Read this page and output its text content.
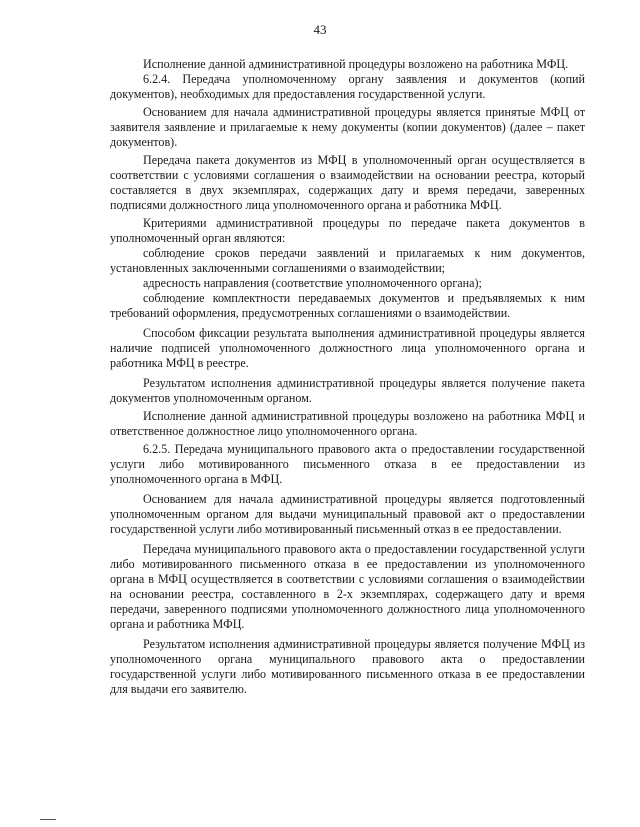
43

Исполнение данной административной процедуры возложено на работника МФЦ.

6.2.4. Передача уполномоченному органу заявления и документов (копий документов), необходимых для предоставления государственной услуги.

Основанием для начала административной процедуры является принятые МФЦ от заявителя заявление и прилагаемые к нему документы (копии документов) (далее – пакет документов).

Передача пакета документов из МФЦ в уполномоченный орган осуществляется в соответствии с условиями соглашения о взаимодействии на основании реестра, который составляется в двух экземплярах, содержащих дату и время передачи, заверенных подписями должностного лица уполномоченного органа и работника МФЦ.

Критериями административной процедуры по передаче пакета документов в уполномоченный орган являются:

соблюдение сроков передачи заявлений и прилагаемых к ним документов, установленных заключенными соглашениями о взаимодействии;

адресность направления (соответствие уполномоченного органа);

соблюдение комплектности передаваемых документов и предъявляемых к ним требований оформления, предусмотренных соглашениями о взаимодействии.

Способом фиксации результата выполнения административной процедуры является наличие подписей уполномоченного должностного лица уполномоченного органа и работника МФЦ в реестре.

Результатом исполнения административной процедуры является получение пакета документов уполномоченным органом.

Исполнение данной административной процедуры возложено на работника МФЦ и ответственное должностное лицо уполномоченного органа.

6.2.5. Передача муниципального правового акта о предоставлении государственной услуги либо мотивированного письменного отказа в ее предоставлении из уполномоченного органа в МФЦ.

Основанием для начала административной процедуры является подготовленный уполномоченным органом для выдачи муниципальный правовой акт о предоставлении государственной услуги либо мотивированный письменный отказ в ее предоставлении.

Передача муниципального правового акта о предоставлении государственной услуги либо мотивированного письменного отказа в ее предоставлении из уполномоченного органа в МФЦ осуществляется в соответствии с условиями соглашения о взаимодействии на основании реестра, составленного в 2-х экземплярах, содержащего дату и время передачи, заверенного подписями уполномоченного должностного лица уполномоченного органа и работника МФЦ.

Результатом исполнения административной процедуры является получение МФЦ из уполномоченного органа муниципального правового акта о предоставлении государственной услуги либо мотивированного письменного отказа в ее предоставлении для выдачи его заявителю.
